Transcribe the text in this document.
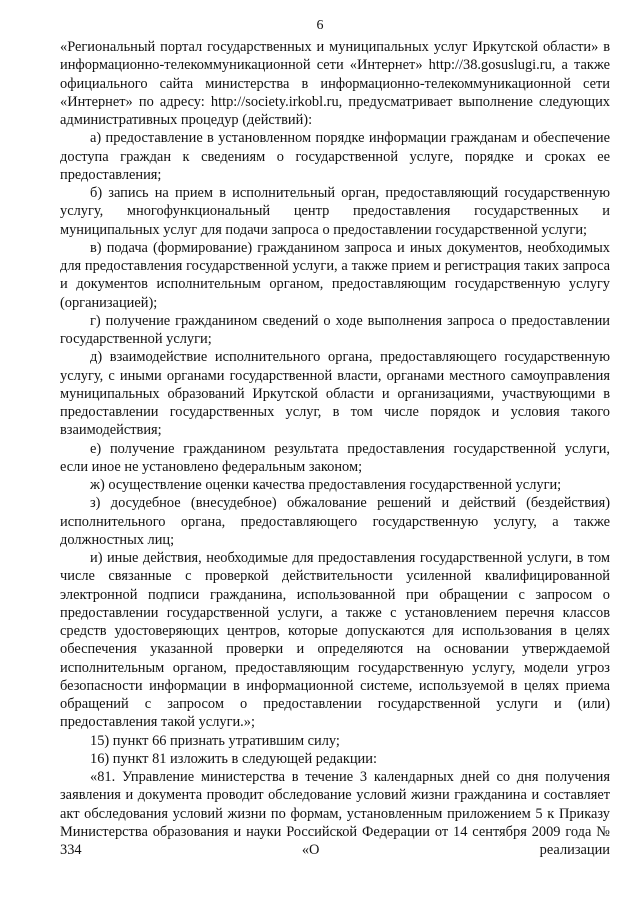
6

«Региональный портал государственных и муниципальных услуг Иркутской области» в информационно-телекоммуникационной сети «Интернет» http://38.gosuslugi.ru, а также официального сайта министерства в информационно-телекоммуникационной сети «Интернет» по адресу: http://society.irkobl.ru, предусматривает выполнение следующих административных процедур (действий):

а) предоставление в установленном порядке информации гражданам и обеспечение доступа граждан к сведениям о государственной услуге, порядке и сроках ее предоставления;

б) запись на прием в исполнительный орган, предоставляющий государственную услугу, многофункциональный центр предоставления государственных и муниципальных услуг для подачи запроса о предоставлении государственной услуги;

в) подача (формирование) гражданином запроса и иных документов, необходимых для предоставления государственной услуги, а также прием и регистрация таких запроса и документов исполнительным органом, предоставляющим государственную услугу (организацией);

г) получение гражданином сведений о ходе выполнения запроса о предоставлении государственной услуги;

д) взаимодействие исполнительного органа, предоставляющего государственную услугу, с иными органами государственной власти, органами местного самоуправления муниципальных образований Иркутской области и организациями, участвующими в предоставлении государственных услуг, в том числе порядок и условия такого взаимодействия;

е) получение гражданином результата предоставления государственной услуги, если иное не установлено федеральным законом;

ж) осуществление оценки качества предоставления государственной услуги;

з) досудебное (внесудебное) обжалование решений и действий (бездействия) исполнительного органа, предоставляющего государственную услугу, а также должностных лиц;

и) иные действия, необходимые для предоставления государственной услуги, в том числе связанные с проверкой действительности усиленной квалифицированной электронной подписи гражданина, использованной при обращении с запросом о предоставлении государственной услуги, а также с установлением перечня классов средств удостоверяющих центров, которые допускаются для использования в целях обеспечения указанной проверки и определяются на основании утверждаемой исполнительным органом, предоставляющим государственную услугу, модели угроз безопасности информации в информационной системе, используемой в целях приема обращений с запросом о предоставлении государственной услуги и (или) предоставления такой услуги.»;

15) пункт 66 признать утратившим силу;

16) пункт 81 изложить в следующей редакции:

«81. Управление министерства в течение 3 календарных дней со дня получения заявления и документа проводит обследование условий жизни гражданина и составляет акт обследования условий жизни по формам, установленным приложением 5 к Приказу Министерства образования и науки Российской Федерации от 14 сентября 2009 года № 334 «О реализации
